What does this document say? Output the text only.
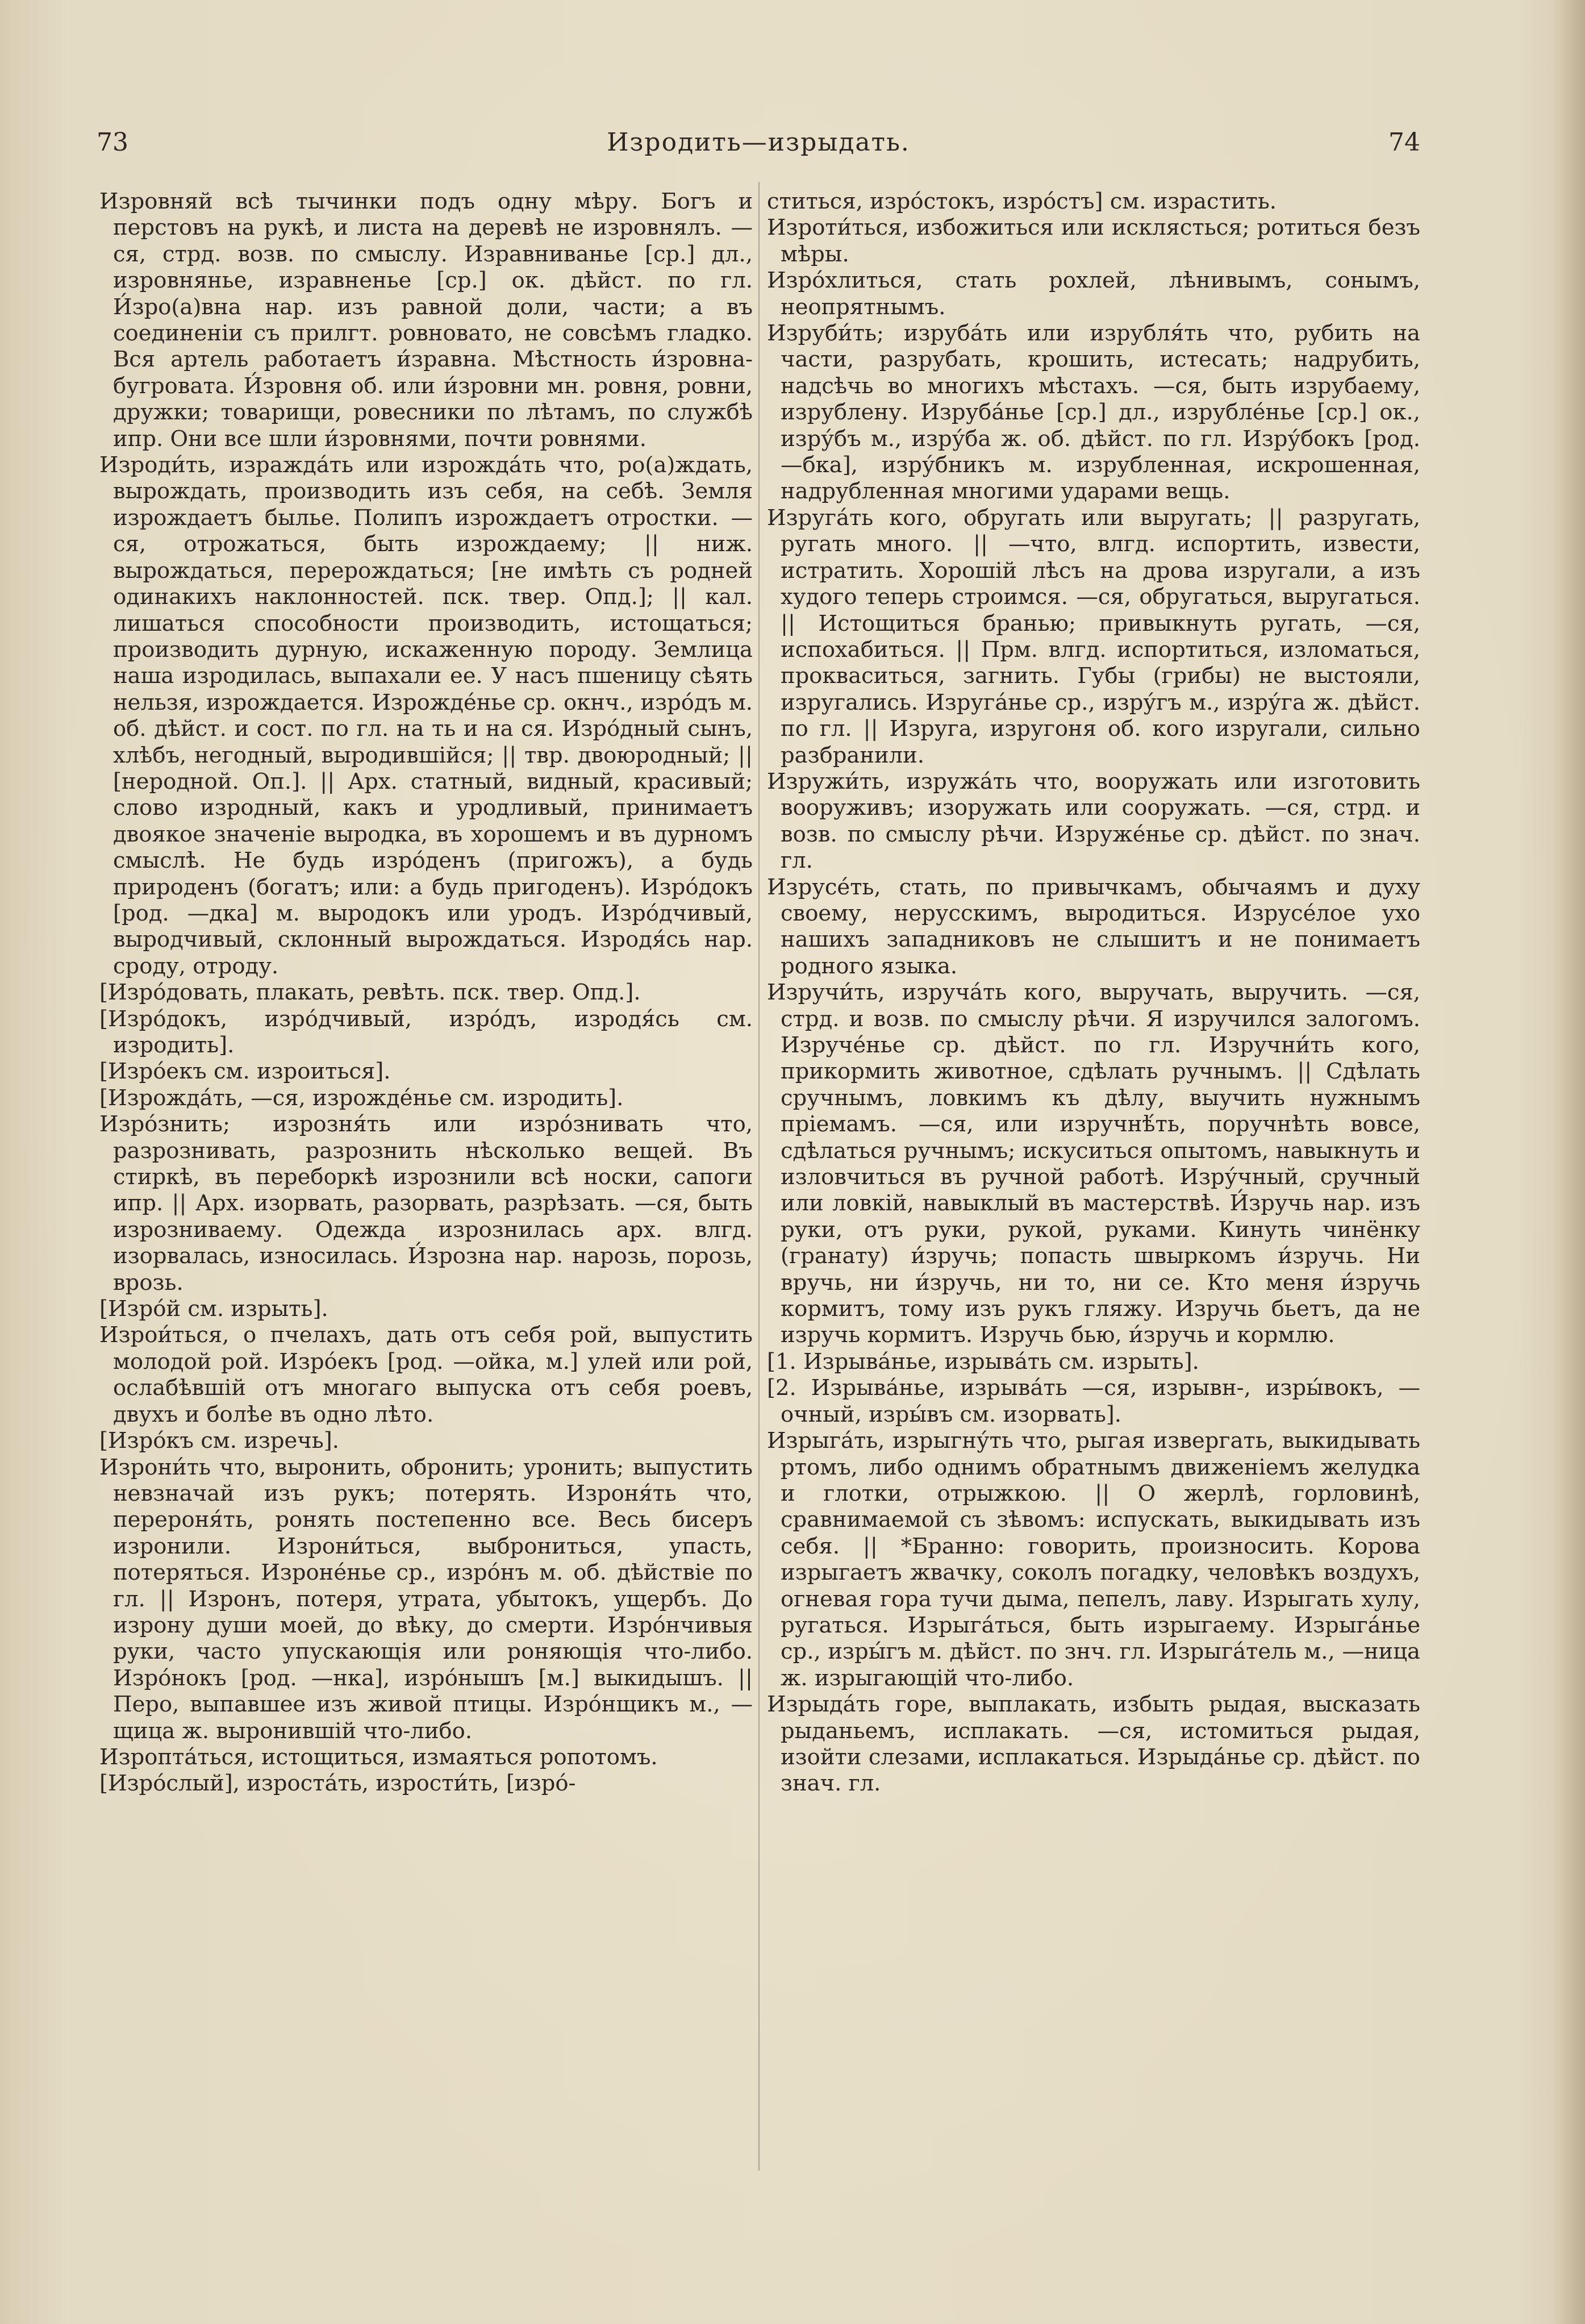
73	Изродить—изрыдать.	74

Изровняй всѣ тычинки подъ одну мѣру. Богъ и перстовъ на рукѣ, и листа на деревѣ не изровнялъ. —ся, стрд. возв. по смыслу. Изравниванье [ср.] дл., изровнянье, изравненье [ср.] ок. дѣйст. по гл. И́зро(а)вна нар. изъ равной доли, части; а въ соединеніи съ прилгт. ровновато, не совсѣмъ гладко. Вся артель работаетъ и́зравна. Мѣстность и́зровна-бугровата. И́зровня об. или и́зровни мн. ровня, ровни, дружки; товарищи, ровесники по лѣтамъ, по службѣ ипр. Они все шли и́зровнями, почти ровнями.

Изроди́ть, изражда́ть или изрожда́ть что, ро(а)ждать, вырождать, производить изъ себя, на себѣ. Земля изрождаетъ былье. Полипъ изрождаетъ отростки. —ся, отрожаться, быть изрождаему; || ниж. вырождаться, перерождаться; [не имѣть съ родней одинакихъ наклонностей. пск. твер. Опд.]; || кал. лишаться способности производить, истощаться; производить дурную, искаженную породу. Землица наша изродилась, выпахали ее. У насъ пшеницу сѣять нельзя, изрождается. Изрожде́нье ср. окнч., изро́дъ м. об. дѣйст. и сост. по гл. на ть и на ся. Изро́дный сынъ, хлѣбъ, негодный, выродившійся; || твр. двоюродный; || [неродной. Оп.]. || Арх. статный, видный, красивый; слово изродный, какъ и уродливый, принимаетъ двоякое значеніе выродка, въ хорошемъ и въ дурномъ смыслѣ. Не будь изро́денъ (пригожъ), а будь природенъ (богатъ; или: а будь пригоденъ). Изро́докъ [род. —дка] м. выродокъ или уродъ. Изро́дчивый, выродчивый, склонный вырождаться. Изродя́сь нар. сроду, отроду.

[Изро́довать, плакать, ревѣть. пск. твер. Опд.].

[Изро́докъ, изро́дчивый, изро́дъ, изродя́сь см. изродить].

[Изро́екъ см. изроиться].

[Изрожда́ть, —ся, изрожде́нье см. изродить].

Изро́знить; изрозня́ть или изро́знивать что, разрознивать, разрознить нѣсколько вещей. Въ стиркѣ, въ переборкѣ изрознили всѣ носки, сапоги ипр. || Арх. изорвать, разорвать, разрѣзать. —ся, быть изрозниваему. Одежда изрознилась арх. влгд. изорвалась, износилась. И́зрозна нар. нарозь, порозь, врозь.

[Изро́й см. изрыть].

Изрои́ться, о пчелахъ, дать отъ себя рой, выпустить молодой рой. Изро́екъ [род. —ойка, м.] улей или рой, ослабѣвшій отъ многаго выпуска отъ себя роевъ, двухъ и болѣе въ одно лѣто.

[Изро́къ см. изречь].

Изрони́ть что, выронить, обронить; уронить; выпустить невзначай изъ рукъ; потерять. Изроня́ть что, перероня́ть, ронять постепенно все. Весь бисеръ изронили. Изрони́ться, выброниться, упасть, потеряться. Изроне́нье ср., изро́нъ м. об. дѣйствіе по гл. || Изронъ, потеря, утрата, убытокъ, ущербъ. До изрону души моей, до вѣку, до смерти. Изро́нчивыя руки, часто упускающія или роняющія что-либо. Изро́нокъ [род. —нка], изро́нышъ [м.] выкидышъ. || Перо, выпавшее изъ живой птицы. Изро́нщикъ м., —щица ж. выронившій что-либо.

Изропта́ться, истощиться, измаяться ропотомъ.

[Изро́слый], изроста́ть, изрости́ть, [изро́-

ститься, изро́стокъ, изро́стъ] см. израстить.

Изроти́ться, избожиться или исклясться; ротиться безъ мѣры.

Изро́хлиться, стать рохлей, лѣнивымъ, сонымъ, неопрятнымъ.

Изруби́ть; изруба́ть или изрубля́ть что, рубить на части, разрубать, крошить, истесать; надрубить, надсѣчь во многихъ мѣстахъ. —ся, быть изрубаему, изрублену. Изруба́нье [ср.] дл., изрубле́нье [ср.] ок., изру́бъ м., изру́ба ж. об. дѣйст. по гл. Изру́бокъ [род. —бка], изру́бникъ м. изрубленная, искрошенная, надрубленная многими ударами вещь.

Изруга́ть кого, обругать или выругать; || разругать, ругать много. || —что, влгд. испортить, извести, истратить. Хорошій лѣсъ на дрова изругали, а изъ худого теперь строимся. —ся, обругаться, выругаться. || Истощиться бранью; привыкнуть ругать, —ся, испохабиться. || Прм. влгд. испортиться, изломаться, прокваситься, загнить. Губы (грибы) не выстояли, изругались. Изруга́нье ср., изру́гъ м., изру́га ж. дѣйст. по гл. || Изруга, изругоня об. кого изругали, сильно разбранили.

Изружи́ть, изружа́ть что, вооружать или изготовить вооруживъ; изоружать или сооружать. —ся, стрд. и возв. по смыслу рѣчи. Изруже́нье ср. дѣйст. по знач. гл.

Изрусе́ть, стать, по привычкамъ, обычаямъ и духу своему, нерусскимъ, выродиться. Изрусе́лое ухо нашихъ западниковъ не слышитъ и не понимаетъ родного языка.

Изручи́ть, изруча́ть кого, выручать, выручить. —ся, стрд. и возв. по смыслу рѣчи. Я изручился залогомъ. Изруче́нье ср. дѣйст. по гл. Изручни́ть кого, прикормить животное, сдѣлать ручнымъ. || Сдѣлать сручнымъ, ловкимъ къ дѣлу, выучить нужнымъ пріемамъ. —ся, или изручнѣ́ть, поручнѣть вовсе, сдѣлаться ручнымъ; искуситься опытомъ, навыкнуть и изловчиться въ ручной работѣ. Изру́чный, сручный или ловкій, навыклый въ мастерствѣ. И́зручь нар. изъ руки, отъ руки, рукой, руками. Кинуть чинёнку (гранату) и́зручь; попасть швыркомъ и́зручь. Ни вручь, ни и́зручь, ни то, ни се. Кто меня и́зручь кормитъ, тому изъ рукъ гляжу. Изручь бьетъ, да не изручь кормитъ. Изручь бью, и́зручь и кормлю.

[1. Изрыва́нье, изрыва́ть см. изрыть].

[2. Изрыва́нье, изрыва́ть —ся, изрывн-, изры́вокъ, —очный, изры́въ см. изорвать].

Изрыга́ть, изрыгну́ть что, рыгая извергать, выкидывать ртомъ, либо однимъ обратнымъ движеніемъ желудка и глотки, отрыжкою. || О жерлѣ, горловинѣ, сравнимаемой съ зѣвомъ: испускать, выкидывать изъ себя. || *Бранно: говорить, произносить. Корова изрыгаетъ жвачку, соколъ погадку, человѣкъ воздухъ, огневая гора тучи дыма, пепелъ, лаву. Изрыгать хулу, ругаться. Изрыга́ться, быть изрыгаему. Изрыга́нье ср., изры́гъ м. дѣйст. по знч. гл. Изрыга́тель м., —ница ж. изрыгающій что-либо.

Изрыда́ть горе, выплакать, избыть рыдая, высказать рыданьемъ, исплакать. —ся, истомиться рыдая, изойти слезами, исплакаться. Изрыда́нье ср. дѣйст. по знач. гл.
